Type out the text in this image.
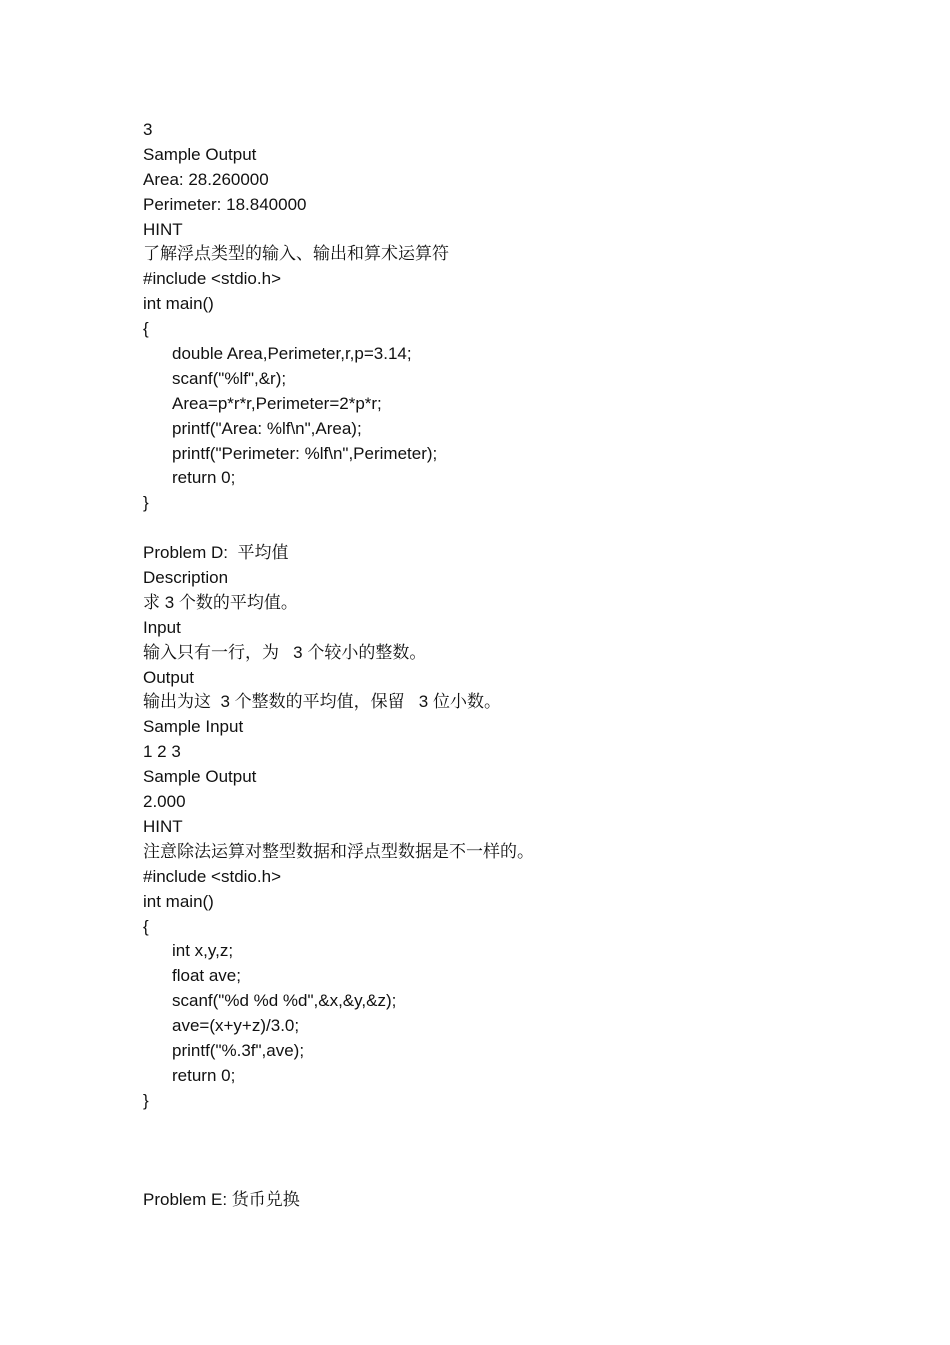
3
Sample Output
Area: 28.260000
Perimeter: 18.840000
HINT
了解浮点类型的输入、输出和算术运算符
#include <stdio.h>
int main()
{
double Area,Perimeter,r,p=3.14;
scanf("%lf",&r);
Area=p*r*r,Perimeter=2*p*r;
printf("Area: %lf\n",Area);
printf("Perimeter: %lf\n",Perimeter);
return 0;
}
Problem D:  平均值
Description
求 3 个数的平均值。
Input
输入只有一行，为   3 个较小的整数。
Output
输出为这  3 个整数的平均值，保留   3 位小数。
Sample Input
1 2 3
Sample Output
2.000
HINT
注意除法运算对整型数据和浮点型数据是不一样的。
#include <stdio.h>
int main()
{
int x,y,z;
float ave;
scanf("%d %d %d",&x,&y,&z);
ave=(x+y+z)/3.0;
printf("%.3f",ave);
return 0;
}
Problem E: 货币兑换
